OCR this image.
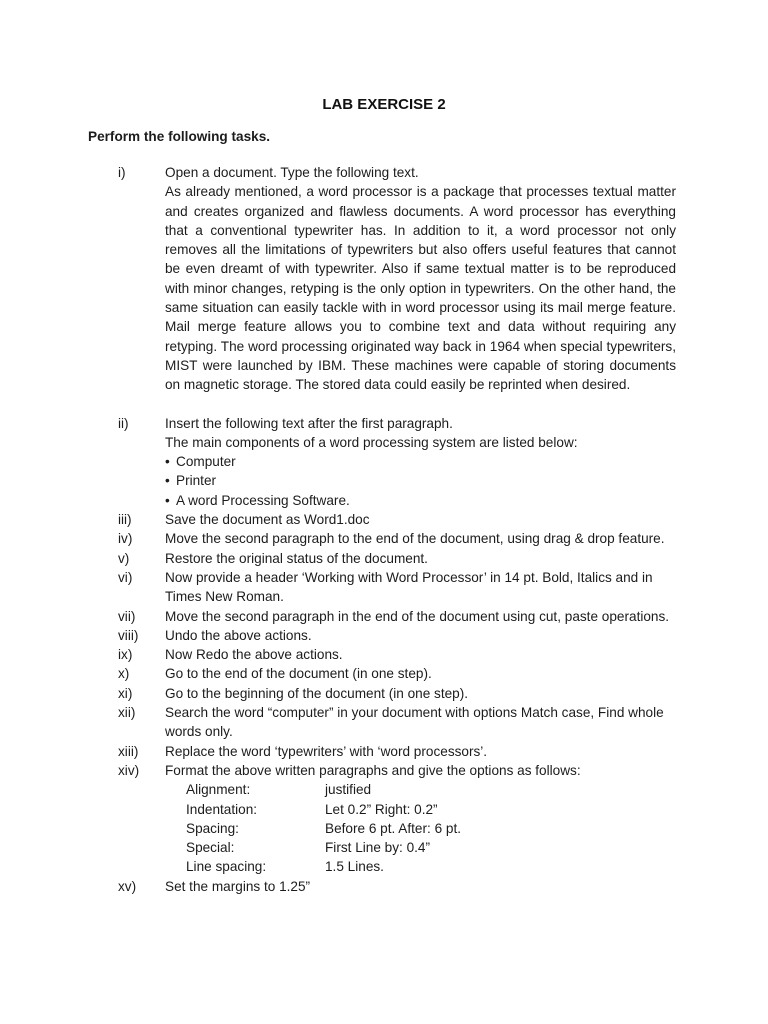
LAB EXERCISE 2
Perform the following tasks.
i)	Open a document. Type the following text.
As already mentioned, a word processor is a package that processes textual matter and creates organized and flawless documents. A word processor has everything that a conventional typewriter has. In addition to it, a word processor not only removes all the limitations of typewriters but also offers useful features that cannot be even dreamt of with typewriter. Also if same textual matter is to be reproduced with minor changes, retyping is the only option in typewriters. On the other hand, the same situation can easily tackle with in word processor using its mail merge feature. Mail merge feature allows you to combine text and data without requiring any retyping. The word processing originated way back in 1964 when special typewriters, MIST were launched by IBM. These machines were capable of storing documents on magnetic storage. The stored data could easily be reprinted when desired.
ii)	Insert the following text after the first paragraph.
The main components of a word processing system are listed below:
• Computer
• Printer
• A word Processing Software.
iii)	Save the document as Word1.doc
iv)	Move the second paragraph to the end of the document, using drag & drop feature.
v)	Restore the original status of the document.
vi)	Now provide a header ‘Working with Word Processor’ in 14 pt. Bold, Italics and in Times New Roman.
vii)	Move the second paragraph in the end of the document using cut, paste operations.
viii)	Undo the above actions.
ix)	Now Redo the above actions.
x)	Go to the end of the document (in one step).
xi)	Go to the beginning of the document (in one step).
xii)	Search the word “computer” in your document with options Match case, Find whole words only.
xiii)	Replace the word ‘typewriters’ with ‘word processors’.
xiv)	Format the above written paragraphs and give the options as follows:
Alignment:	justified
Indentation:	Let 0.2” Right: 0.2”
Spacing:	Before 6 pt. After: 6 pt.
Special:	First Line by: 0.4”
Line spacing:	1.5 Lines.
xv)	Set the margins to 1.25”
